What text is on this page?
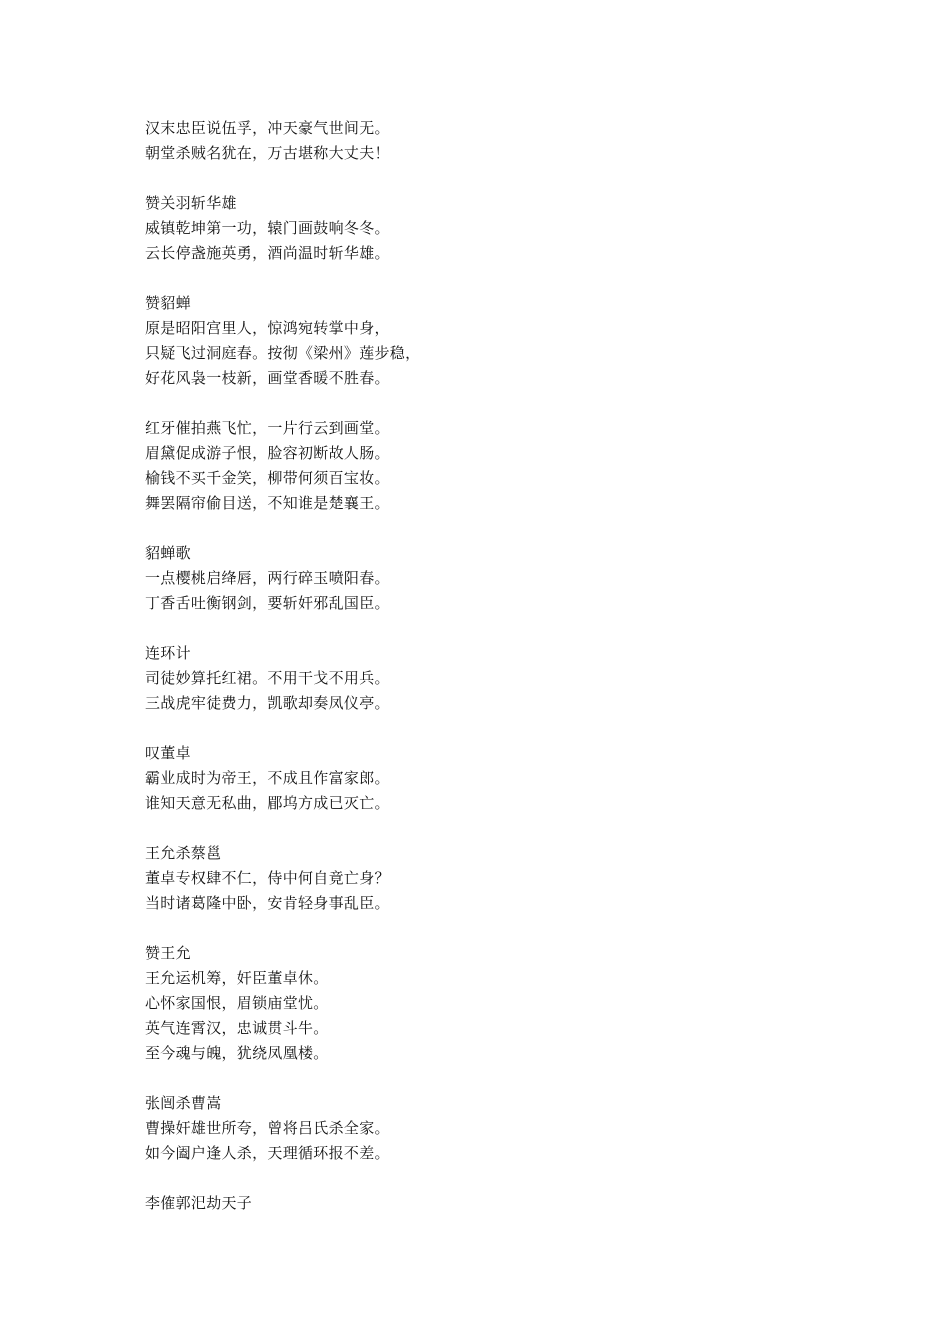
汉末忠臣说伍孚，冲天豪气世间无。
朝堂杀贼名犹在，万古堪称大丈夫！
赞关羽斩华雄
威镇乾坤第一功，辕门画鼓响冬冬。
云长停盏施英勇，酒尚温时斩华雄。
赞貂蝉
原是昭阳宫里人，惊鸿宛转掌中身，
只疑飞过洞庭春。按彻《梁州》莲步稳，
好花风袅一枝新，画堂香暖不胜春。
红牙催拍燕飞忙，一片行云到画堂。
眉黛促成游子恨，脸容初断故人肠。
榆钱不买千金笑，柳带何须百宝妆。
舞罢隔帘偷目送，不知谁是楚襄王。
貂蝉歌
一点樱桃启绛唇，两行碎玉喷阳春。
丁香舌吐衡钢剑，要斩奸邪乱国臣。
连环计
司徒妙算托红裙。不用干戈不用兵。
三战虎牢徒费力，凯歌却奏凤仪亭。
叹董卓
霸业成时为帝王，不成且作富家郎。
谁知天意无私曲，郿坞方成已灭亡。
王允杀蔡邕
董卓专权肆不仁，侍中何自竟亡身？
当时诸葛隆中卧，安肯轻身事乱臣。
赞王允
王允运机筹，奸臣董卓休。
心怀家国恨，眉锁庙堂忧。
英气连霄汉，忠诚贯斗牛。
至今魂与魄，犹绕凤凰楼。
张闿杀曹嵩
曹操奸雄世所夸，曾将吕氏杀全家。
如今阖户逢人杀，天理循环报不差。
李傕郭汜劫天子
